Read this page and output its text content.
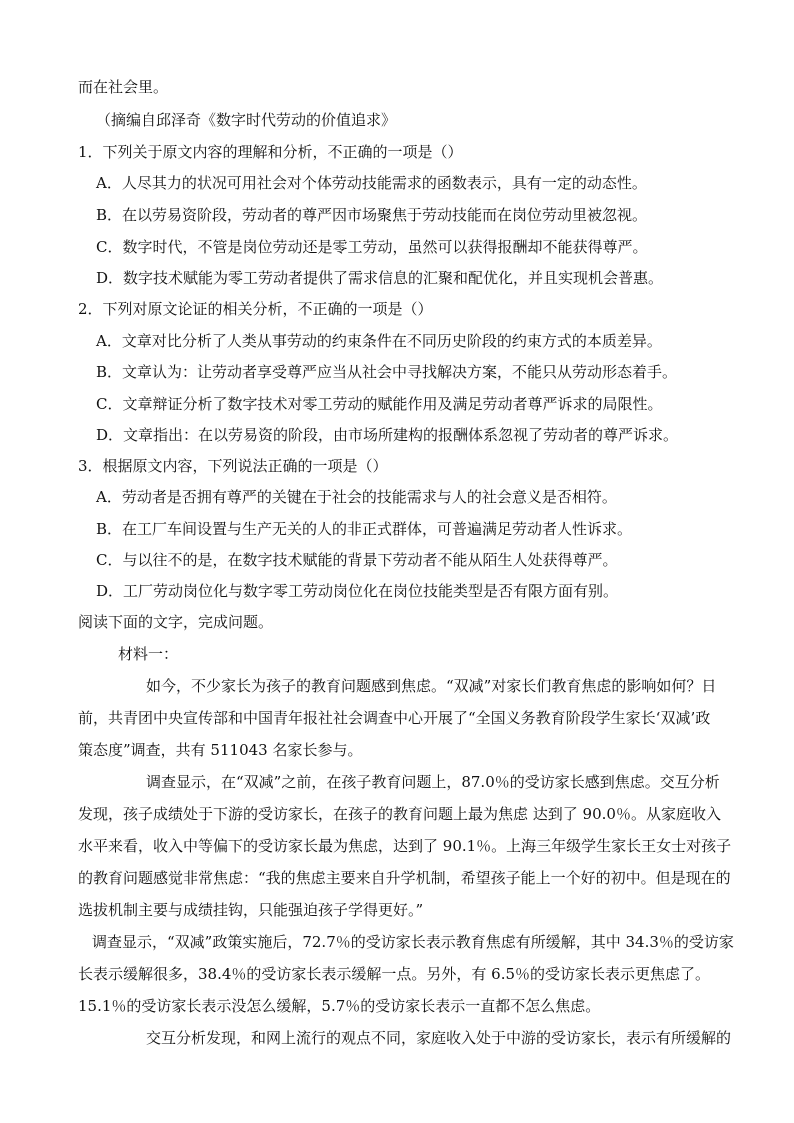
而在社会里。
（摘编自邱泽奇《数字时代劳动的价值追求》
1．下列关于原文内容的理解和分析，不正确的一项是（）
A．人尽其力的状况可用社会对个体劳动技能需求的函数表示，具有一定的动态性。
B．在以劳易资阶段，劳动者的尊严因市场聚焦于劳动技能而在岗位劳动里被忽视。
C．数字时代，不管是岗位劳动还是零工劳动，虽然可以获得报酬却不能获得尊严。
D．数字技术赋能为零工劳动者提供了需求信息的汇聚和配优化，并且实现机会普惠。
2．下列对原文论证的相关分析，不正确的一项是（）
A．文章对比分析了人类从事劳动的约束条件在不同历史阶段的约束方式的本质差异。
B．文章认为：让劳动者享受尊严应当从社会中寻找解决方案，不能只从劳动形态着手。
C．文章辩证分析了数字技术对零工劳动的赋能作用及满足劳动者尊严诉求的局限性。
D．文章指出：在以劳易资的阶段，由市场所建构的报酬体系忽视了劳动者的尊严诉求。
3．根据原文内容，下列说法正确的一项是（）
A．劳动者是否拥有尊严的关键在于社会的技能需求与人的社会意义是否相符。
B．在工厂车间设置与生产无关的人的非正式群体，可普遍满足劳动者人性诉求。
C．与以往不的是，在数字技术赋能的背景下劳动者不能从陌生人处获得尊严。
D．工厂劳动岗位化与数字零工劳动岗位化在岗位技能类型是否有限方面有别。
阅读下面的文字，完成问题。
材料一：
如今，不少家长为孩子的教育问题感到焦虑。“双减”对家长们教育焦虑的影响如何？日
前，共青团中央宣传部和中国青年报社社会调查中心开展了“全国义务教育阶段学生家长‘双减’政
策态度”调查，共有 511043 名家长参与。
调查显示，在“双减”之前，在孩子教育问题上，87.0％的受访家长感到焦虑。交互分析
发现，孩子成绩处于下游的受访家长，在孩子的教育问题上最为焦虑 达到了 90.0％。从家庭收入
水平来看，收入中等偏下的受访家长最为焦虑，达到了 90.1％。上海三年级学生家长王女士对孩子
的教育问题感觉非常焦虑：“我的焦虑主要来自升学机制，希望孩子能上一个好的初中。但是现在的
选拔机制主要与成绩挂钩，只能强迫孩子学得更好。”
调查显示，“双减”政策实施后，72.7％的受访家长表示教育焦虑有所缓解，其中 34.3％的受访家
长表示缓解很多，38.4％的受访家长表示缓解一点。另外，有 6.5％的受访家长表示更焦虑了。
15.1％的受访家长表示没怎么缓解，5.7％的受访家长表示一直都不怎么焦虑。
交互分析发现，和网上流行的观点不同，家庭收入处于中游的受访家长，表示有所缓解的
